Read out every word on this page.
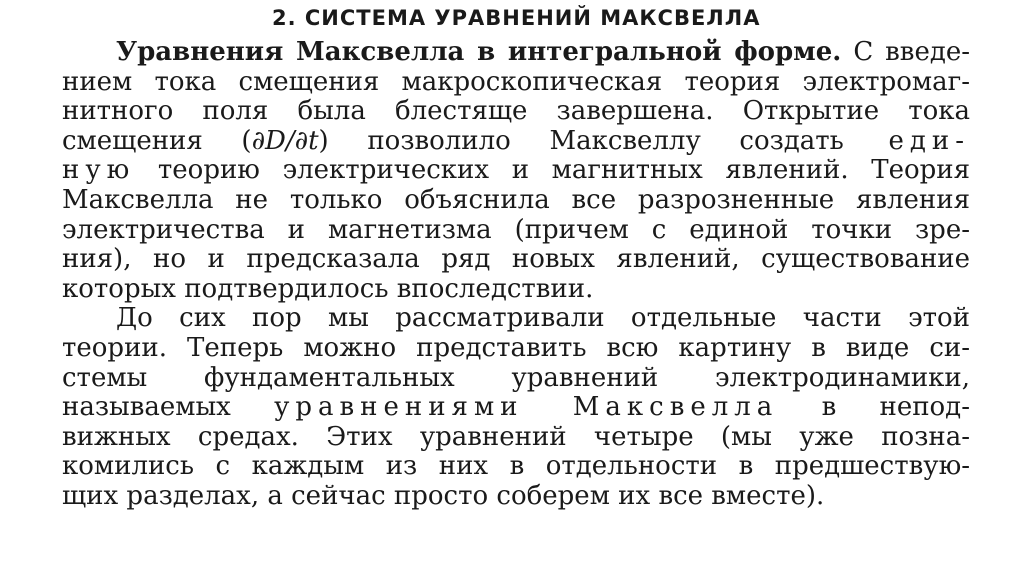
2. СИСТЕМА УРАВНЕНИЙ МАКСВЕЛЛА
Уравнения Максвелла в интегральной форме. С введе-
нием тока смещения макроскопическая теория электромаг-
нитного поля была блестяще завершена. Открытие тока
смещения (∂D/∂t) позволило Максвеллу создать еди-
ную теорию электрических и магнитных явлений. Теория
Максвелла не только объяснила все разрозненные явления
электричества и магнетизма (причем с единой точки зре-
ния), но и предсказала ряд новых явлений, существование
которых подтвердилось впоследствии.
До сих пор мы рассматривали отдельные части этой
теории. Теперь можно представить всю картину в виде си-
стемы фундаментальных уравнений электродинамики,
называемых уравнениями Максвелла в непод-
вижных средах. Этих уравнений четыре (мы уже позна-
комились с каждым из них в отдельности в предшествую-
щих разделах, а сейчас просто соберем их все вместе).
